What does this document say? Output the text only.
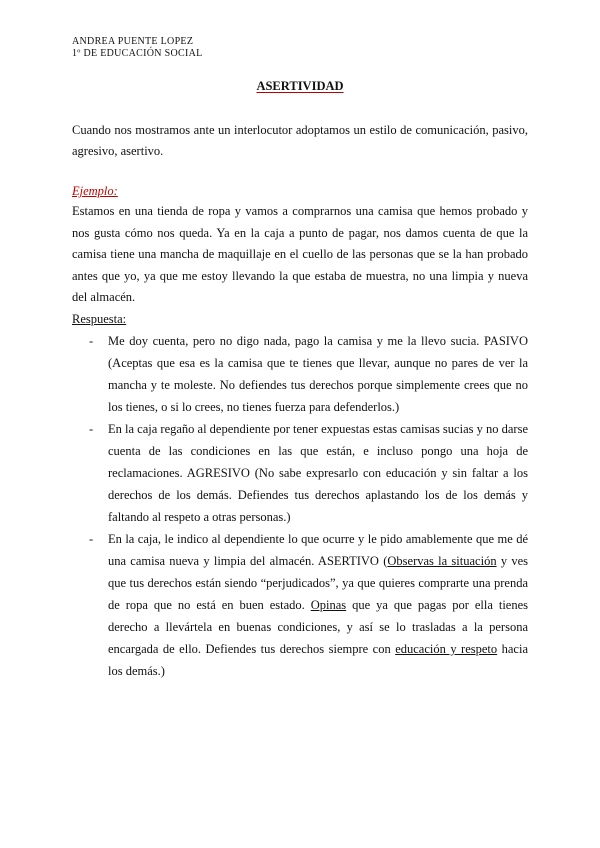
ANDREA PUENTE LOPEZ
1º DE EDUCACIÓN SOCIAL
ASERTIVIDAD
Cuando nos mostramos ante un interlocutor adoptamos un estilo de comunicación, pasivo, agresivo, asertivo.
Ejemplo:

Estamos en una tienda de ropa y vamos a comprarnos una camisa que hemos probado y nos gusta cómo nos queda. Ya en la caja a punto de pagar, nos damos cuenta de que la camisa tiene una mancha de maquillaje en el cuello de las personas que se la han probado antes que yo, ya que me estoy llevando la que estaba de muestra, no una limpia y nueva del almacén.

Respuesta:
- Me doy cuenta, pero no digo nada, pago la camisa y me la llevo sucia. PASIVO (Aceptas que esa es la camisa que te tienes que llevar, aunque no pares de ver la mancha y te moleste. No defiendes tus derechos porque simplemente crees que no los tienes, o si lo crees, no tienes fuerza para defenderlos.)
- En la caja regaño al dependiente por tener expuestas estas camisas sucias y no darse cuenta de las condiciones en las que están, e incluso pongo una hoja de reclamaciones. AGRESIVO (No sabe expresarlo con educación y sin faltar a los derechos de los demás. Defiendes tus derechos aplastando los de los demás y faltando al respeto a otras personas.)
- En la caja, le indico al dependiente lo que ocurre y le pido amablemente que me dé una camisa nueva y limpia del almacén. ASERTIVO (Observas la situación y ves que tus derechos están siendo “perjudicados”, ya que quieres comprarte una prenda de ropa que no está en buen estado. Opinas que ya que pagas por ella tienes derecho a llevártela en buenas condiciones, y así se lo trasladas a la persona encargada de ello. Defiendes tus derechos siempre con educación y respeto hacia los demás.)
